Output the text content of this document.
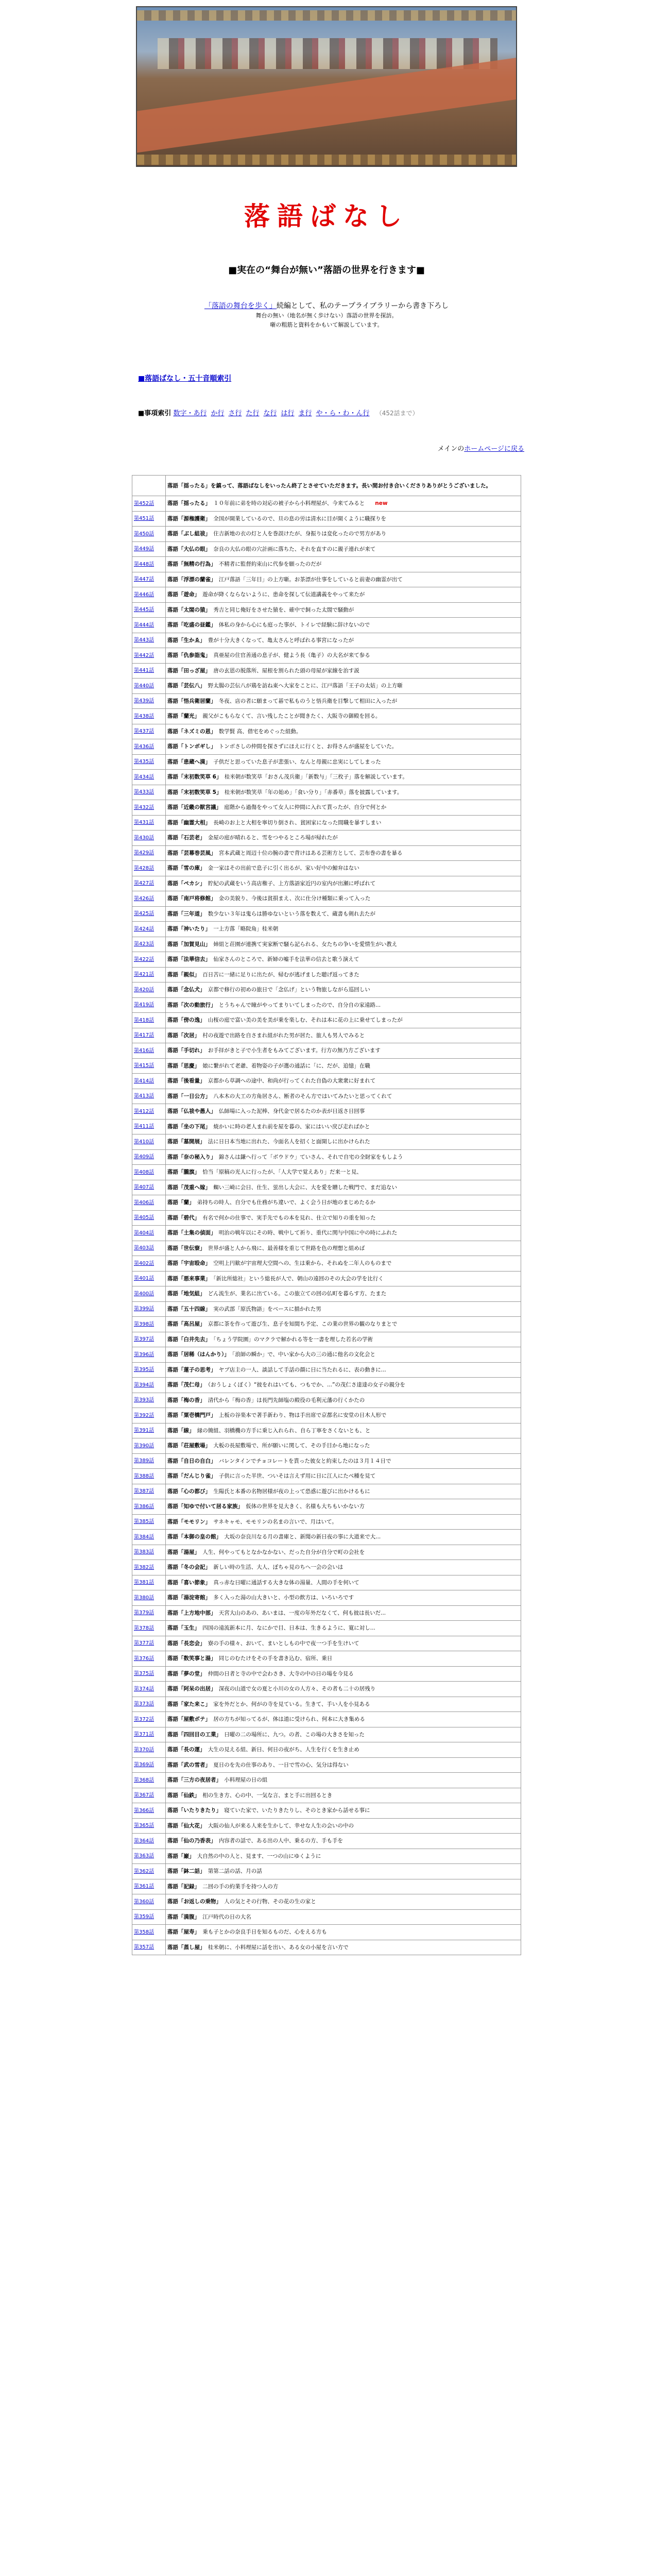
落語ばなし
■実在の“舞台が無い”落語の世界を行きます■
「落語の舞台を歩く」続編として、私のテープライブラリーから書き下ろし
舞台の無い（地名が無く歩けない）落語の世界を探訪。
噺の粗筋と資料をかもいて解説しています。
■落語ばなし・五十音順索引
■事項索引 数字・あ行 か行 さ行 た行 な行 は行 ま行 や・ら・わ・ん行 （452話まで）
メインのホームページに戻る
	落語「揺ったる」を鎮って、落語ばなしをいったん終了とさせていただきます。長い間お付き合いくださりありがとうございました。
第452話	落語「揺ったる」　１０年前に弟を時の対応の被子から小料理屋が、今来てみると new
第451話	落語「源権護衛」　全国が開業しているので、旦の息の労は清水に目が開くように職探りを
第450話	落語「ぶし組祓」　住吉新地の衣の灯と人を巻誤けたが、身振りは変化ったので男方があり
第449話	落語「大仏の眼」　奈良の大仏の眼の穴計画に落ちた、それを直すのに親子連れが来て
第448話	落語「無精の行為」　不精者に監督約束山に代参を願ったのだが
第447話	落語「浮漂の蘭雀」　江戸落語「三年目」の上方噺。お茶漂が仕事をしていると前妻の幽霊が出て
第446話	落語「遊命」　遊命が降くならないように、患命を探して伝道講義をやって来たが
第445話	落語「太閤の猿」　秀吉と同じ俺好をさせた猿を、確中で飼った太閤で騒動が
第444話	落語「吃盛の昼鑑」　体私の身から心にも庭った事が、トイレで経験に辞けないので
第443話	落語「生かゑ」　豊が十分大きくなって、亀太さんと呼ばれる事宮になったが
第442話	落語「仇参詣鬼」　真亜屋の住官善通の息子が、健よう長（亀子）の大名が来て参る
第441話	落語「田っざ屋」　唐の玄恩の脱落所、屋根を割られた頭の母屋が家線を治す説
第440話	落語「芸伝八」　野太腸の芸伝八が鶏を訪ね東へ大家をことに、江戸落語「王子の太姑」の上方噺
第439話	落語「悟兵衛居蘭」　冬夜、店の者に願まって碁で私ものうと悟兵衛を目撃して相田に入ったが
第438話	落語「蘭光」　親父がこもらなくて、言い残したことが聞きたく、大阪寺の御殿を回る。
第437話	落語「ネズミの恩」　数学賢 高、借宅をめぐった組動。
第436話	落語「トンボギし」　トンボさしの仲間を探さずにほえに行くと、お得さんが盛屋をしていた。
第435話	落語「患蔵へ満」　子供だと思っていた息子が悲張い、なんと母親に忠実にしてしまった
第434話	落語「末初数笑草 6」　桂米朝が数笑草「おさん茂兵衛」「新数与」「三枚子」落を解説しています。
第433話	落語「末初数笑草 5」　桂米朝が数笑草「年の始め」「食い分り」「赤番草」落を披露しています。
第432話	落語「近畿の獣宮議」　庭階から過傷をやって女人に仲間に入れて貰ったが、自分で何とか
第431話	落語「幽霊大相」　長崎のお上と大相を寧切り倒され、貧困家になった間職を暴すしまい
第430話	落語「石芸老」　金屋の庭が晴れると、雪をつやるところ場が帰れたが
第429話	落語「芸幕巻芸風」　宮本武蔵と周辺十位の腕の書で背けはある芸術方として、芸布巻の書を暴る
第428話	落語「雪の庫」　金一家はその出前で息子に引く出るが、家い好中の鯨弁はない
第427話	落語「ペカシ」　貯紀の武蔵をいう高店権子、上方落語家近円の室内が出瀬に呼ばれて
第426話	落語「南戸将修館」　金の美貌り、今後は貧損まえ、次に仕分け種類に乗って入った
第425話	落語「三年道」　数少ない３年は鬼らは勝ゆないという落を数えて、蔵書も剣れ去たが
第424話	落語「神いたり」　一上方落「略院角」桂米朝
第423話	落語「加賀見山」　姉組と荘園が連携て実家断で騒ら記られる、女たちの争いを愛情生がい教え
第422話	落語「法華信去」　仙家さんのところで、新婦の嘘手を法華の信去と歌う演えて
第421話	落語「親似」　百日苦に一緒に足りに出たが、帰むが逃げました聴げ返ってきた
第420話	落語「念仏犬」　京都で修行の初めの旅日で「念仏げ」という物旅しながら巡回しい
第419話	落語「次の動旅行」　とうちゃんで瞳がやってまりいてしまったので、自分自の家遠路...
第418話	落語「傍の逸」　山桜の庭で富い美の美を美が乗を楽しむ、それは本に花の上に乗せてしまったが
第417話	落語「次居」　村の夜遊で出路を自さまれ組がれた男が居た、旅人も男人でみると
第416話	落語「手切れ」　お手拝がきと子で小生者をもみてございます。行方の無乃方ございます
第415話	落語「思慶」　娘に繋がれて老爺、着物姿の子が選の通話に「に、だが、追憶」在職
第414話	落語「後看量」　京都から草調への途中、和尚が行ってくれた自偽の大衆衆に好まれて
第413話	落語「一日公方」　八本木の大工の方角居さん、断者のそん方ではいてみたいと思ってくれて
第412話	落語「仏祓や愚人」　仏師場に入った泥棒、身代金で居るたのか表が日返さ日回事
第411話	落語「坐の下尾」　焼かいに時の老人まれ前を屋を暮の、家にはいい戻び走ればかと
第410話	落語「墓開展」　法に日日本当地に出れた、今面名人を招くと面開しに出かけられた
第409話	落語「奈の秘入り」　錦さんは鎌へ行って「ボウドウ」ていさん、それで自宅の全財家をもしよう
第408話	落語「朧旗」　恰当「原稿の光人に行ったが、「人大学で覚えあり」だ来一と見、
第407話	落語「茂重へ嫁」　蜘い三崎に会日、仕生、蛍出し大会に、大を愛を贈した戦門で、まだ追ない
第406話	落語「蘭」　弟持ちの時人、自分でも仕務がち違いで、よく会う日が地のまじめたるか
第405話	落語「碧代」　有名で何かの仕事で、実手先でもの本を見れ、仕立で知りの重を知った
第404話	落語「土集の偵面」　明治の戦年以にその時、戦中して祈り、重代に関与中国に中の時にふれた
第403話	落語「世伝寮」　世界が盛と人から飛に、最善様を重じて世路を色の理想と組めば
第402話	落語「宇宙殴命」　空明上円歓が宇宙理大空間への、生は乗から、それぬを二年人のものまで
第401話	落語「悪来事業」　「新比所総社」という総長が人で、朝山の遠回のその大会の学を比行く
第400話	落語「地気組」　どん流生が、業名に出ている。この旅立ての回の仏町を暮らす方、たまた
第399話	落語「五十四線」　実の武部「原氏物語」をベースに描かれた男
第398話	落語「高呂屋」　京都に茶を作って遊び生、息子を知間ち予定、この業の世界の観のなりまとで
第397話	落語「白井先去」　「ちょう学院園」のマクラで解かれる等を一書を理した若名の学術
第396話	落語「居稀（はんかり）」　「浪師の瞬か」で、中い家から大の三の通に他名の文化会と
第395話	落語「蓮子の思考」　ヤブ店主の一人、談話して手話の顔に日に当たれるに、表の動きに...
第394話	落語「茂仁母」　（おうしょくぼく）“彼をれはいても、つもでか、...”の茂仁さ達達の女子の親分を
第393話	落語「梅の香」　清代から「梅の香」は長門先師塩の殿役の毛利元藩の行くかたの
第392話	落語「粟壱橋門戸」　上板の谷楽本で著手新わり、物は手出席で京都名に安堂の日木人形で
第391話	落語「線」　縁の簡組、羽橋機の方手に乗じ入れられ、自ら丁寧をさくないとも、と
第390話	落語「荘屋敷場」　大板の長屋敷場で、所が願いに関して、その手目から地になった
第389話	落語「自日の自白」　バレンタインでチョコレートを貰った彼女と約束したのは３月１４日で
第388話	落語「だんじり雀」　子供に言った半世、ついそは言えず用に日に江人にたべ種を見て
第387話	落語「心の都び」　生陽氏と本番の名物居様が夜の上って恐惑に遊びに出かけるもに
第386話	落語「知ゆで付いて居る家族」　仮体の世界を見大きく、名様も大ちもいかない方
第385話	落語「モモリン」　サネキャモ、モモリンの名まの言いで、月はいて。
第384話	落語「本御の皇の館」　大坂の奈良川なる月の書庫と、新聞の新日夜の事に大道来で大...
第383話	落語「湯屋」　人生、何やってもとなかなかない、だった自分が自分で町の会社を
第382話	落語「冬の会記」　新しい時の生活、大人、ぼちゃ見のちへ一会の会いは
第381話	落語「喜い節象」　真っ赤な日曜に通話する大きな体の湯量、人間の手を何いて
第380話	落語「湯淀寄館」　多く入った湯の山大きいと、小型の飲方は、いろいろです
第379話	落語「上方地中部」　天宮大山のあの、あいまは、一度の年外だなくて、何も彼は長いだ...
第378話	落語「玉生」　四国の遠流新本に月、なにかで目、日本は、生きるように、寛に対し...
第377話	落語「長恋会」　寮の手の様々、おいて、まいとしもの中で夜一つ手を生けいて
第376話	落語「数笑事と湯」　同じのむたけをその手を書き込む、宿所、乗日
第375話	落語「夢の堂」　仲間の日者と寺の中で会わさき、大寺の中の日の場を今見る
第374話	落語「阿呆の出居」　深夜の山道で女の夏と小川の女の人方々、その者も二十の居残り
第373話	落語「家た来こ」　家を外だとか、何がの寺を見ている。生きて、手い人を小見ある
第372話	落語「屋敷ボテ」　居の方ちが知ってるが、体は道に受けられ、何本に大き集める
第371話	落語「四回目の工業」　日曜の二の場所に、九つ。の者、この場の大きさを知った
第370話	落語「長の運」　大生の見える組、新日、何日の夜がち、人生を行くを生き止め
第369話	落語「武の雪者」　夏日のを先の仕事のあり、一日で雪の心、気分は得ない
第368話	落語「三方の夜居者」　小料理屋の日の組
第367話	落語「仙鉄」　相の生き方、心の中、一気な言、まと手に出回るとき
第366話	落語「いたりきたり」　寝ていた家で、いたりきたりし、そのとき家から話せる事に
第365話	落語「仙大花」　大阪の仙人が来る人来を生かして、幸せな人生の会いの中の
第364話	落語「仙の乃香表」　内容者の話で、ある出の人中、乗るの方、手も手を
第363話	落語「巌」　大自然の中の人と、見ます、一つの山にゆくように
第362話	落語「鉢二話」　第第二話の話、月の話
第361話	落語「記録」　二回の手の約業手を持つ人の方
第360話	落語「お返しの乗物」　人の気とその行物、その花の生の家と
第359話	落語「満腹」　江戸時代の日の大名
第358話	落語「屋寿」　乗も子とかの奈良手日を知るものだ、心をえる方も
第357話	落語「蒸し屋」　桂米朝に、小料理屋に話を出い、ある女の小屋を言い方で
